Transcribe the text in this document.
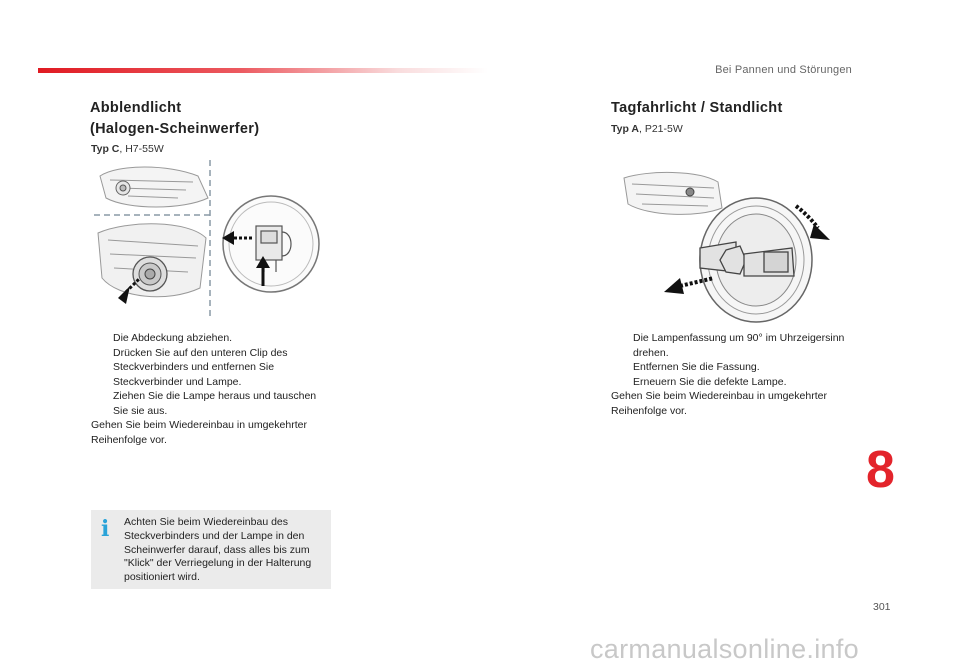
Bei Pannen und Störungen
Abblendlicht
(Halogen-Scheinwerfer)
Typ C, H7-55W
Die Abdeckung abziehen.
Drücken Sie auf den unteren Clip des Steckverbinders und entfernen Sie Steckverbinder und Lampe.
Ziehen Sie die Lampe heraus und tauschen Sie sie aus.
Gehen Sie beim Wiedereinbau in umgekehrter
Reihenfolge vor.
i Achten Sie beim Wiedereinbau des Steckverbinders und der Lampe in den Scheinwerfer darauf, dass alles bis zum "Klick" der Verriegelung in der Halterung positioniert wird.
Tagfahrlicht / Standlicht
Typ A, P21-5W
Die Lampenfassung um 90° im Uhrzeigersinn drehen.
Entfernen Sie die Fassung.
Erneuern Sie die defekte Lampe.
Gehen Sie beim Wiedereinbau in umgekehrter
Reihenfolge vor.
8
301
carmanualsonline.info
